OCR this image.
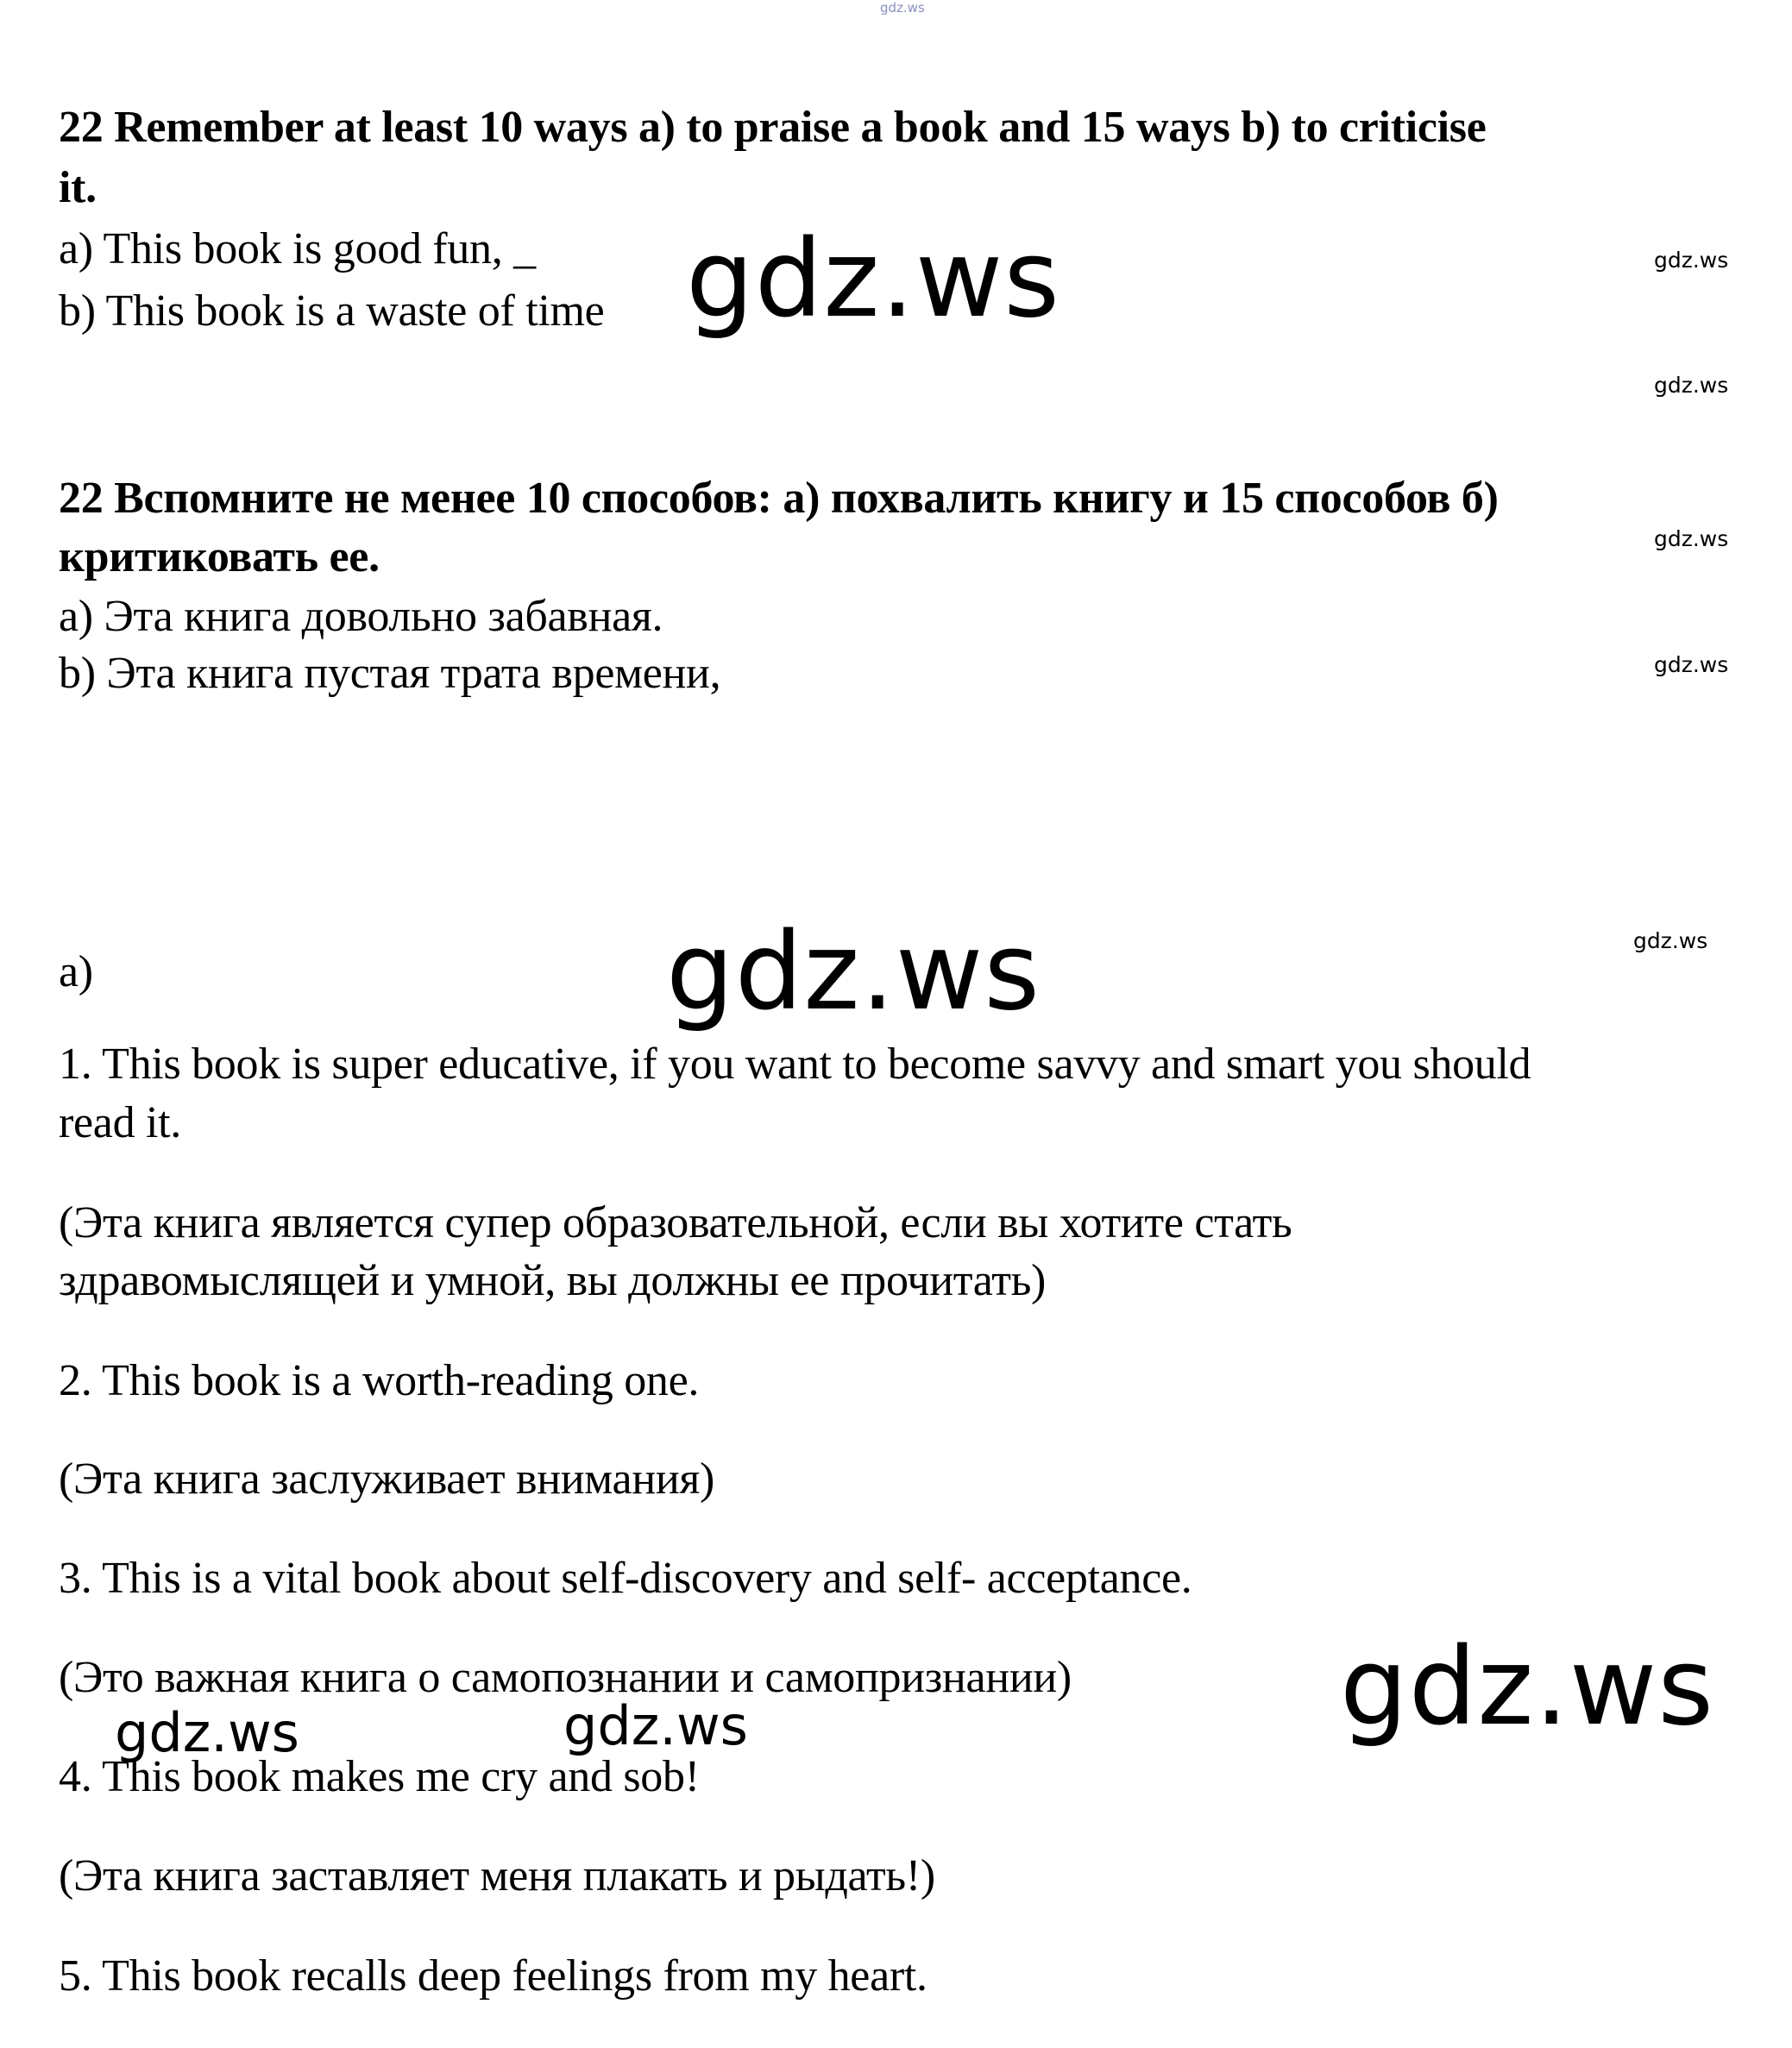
gdz.ws
22 Remember at least 10 ways a) to praise a book and 15 ways b) to criticise
it.
a) This book is good fun, _
b) This book is a waste of time
22 Вспомните не менее 10 способов: а) похвалить книгу и 15 способов б)
критиковать ее.
а) Эта книга довольно забавная.
b) Эта книга пустая трата времени,
a)
1. This book is super educative, if you want to become savvy and smart you should
read it.
(Эта книга является супер образовательной, если вы хотите стать
здравомыслящей и умной, вы должны ее прочитать)
2. This book is a worth-reading one.
(Эта книга заслуживает внимания)
3. This is a vital book about self-discovery and self- acceptance.
(Это важная книга о самопознании и самопризнании)
4. This book makes me cry and sob!
(Эта книга заставляет меня плакать и рыдать!)
5. This book recalls deep feelings from my heart.
gdz.ws
gdz.ws
gdz.ws
gdz.ws	gdz.ws
gdz.ws
gdz.ws
gdz.ws
gdz.ws
gdz.ws
